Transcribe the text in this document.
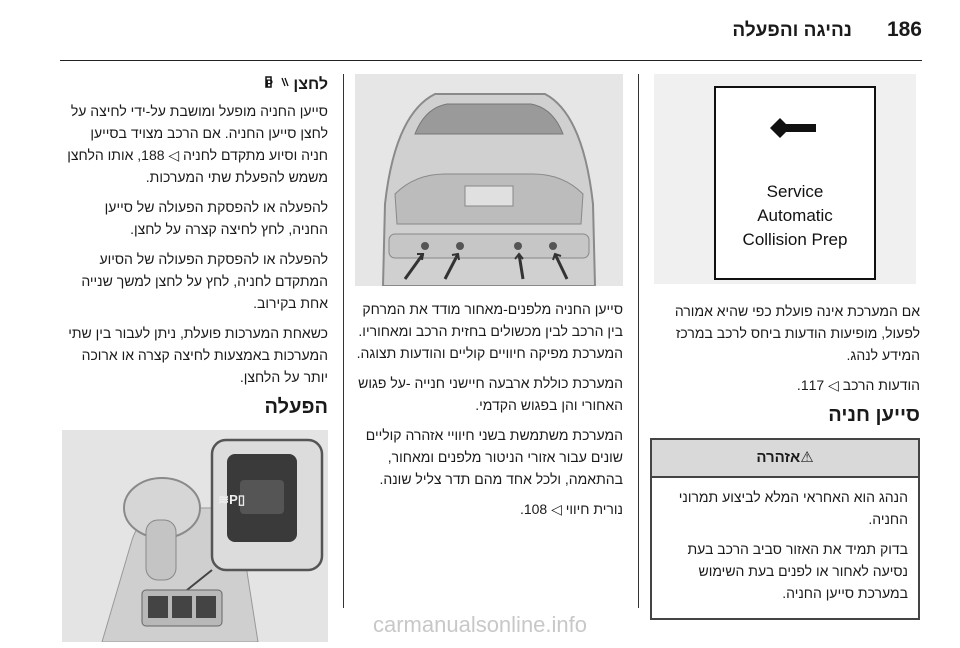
186
נהיגה והפעלה
לחצן
P

סייען החניה מופעל ומושבת על-ידי לחיצה על לחצן סייען החניה. אם הרכב מצויד בסייען חניה וסיוע מתקדם לחניה ◁ 188, אותו הלחצן משמש להפעלת שתי המערכות.

להפעלה או להפסקת הפעולה של סייען החניה, לחץ לחיצה קצרה על לחצן.

להפעלה או להפסקת הפעולה של הסיוע המתקדם לחניה, לחץ על לחצן למשך שנייה אחת בקירוב.

כשאחת המערכות פועלת, ניתן לעבור בין שתי המערכות באמצעות לחיצה קצרה או ארוכה יותר על הלחצן.

הפעלה
▯P≋

סייען החניה מלפנים-מאחור מודד את המרחק בין הרכב לבין מכשולים בחזית הרכב ומאחוריו. המערכת מפיקה חיוויים קוליים והודעות תצוגה.

המערכת כוללת ארבעה חיישני חנייה -על פגוש האחורי והן בפגוש הקדמי.

המערכת משתמשת בשני חיוויי אזהרה קוליים שונים עבור אזורי הניטור מלפנים ומאחור, בהתאמה, ולכל אחד מהם תדר צליל שונה.

נורית חיווי ◁ 108.

Service
Automatic
Collision Prep

אם המערכת אינה פועלת כפי שהיא אמורה לפעול, מופיעות הודעות ביחס לרכב במרכז המידע לנהג.

הודעות הרכב ◁ 117.

סייען חניה
⚠אזהרה

הנהג הוא האחראי המלא לביצוע תמרוני החניה.

בדוק תמיד את האזור סביב הרכב בעת נסיעה לאחור או לפנים בעת השימוש במערכת סייען החניה.

carmanualsonline.info
